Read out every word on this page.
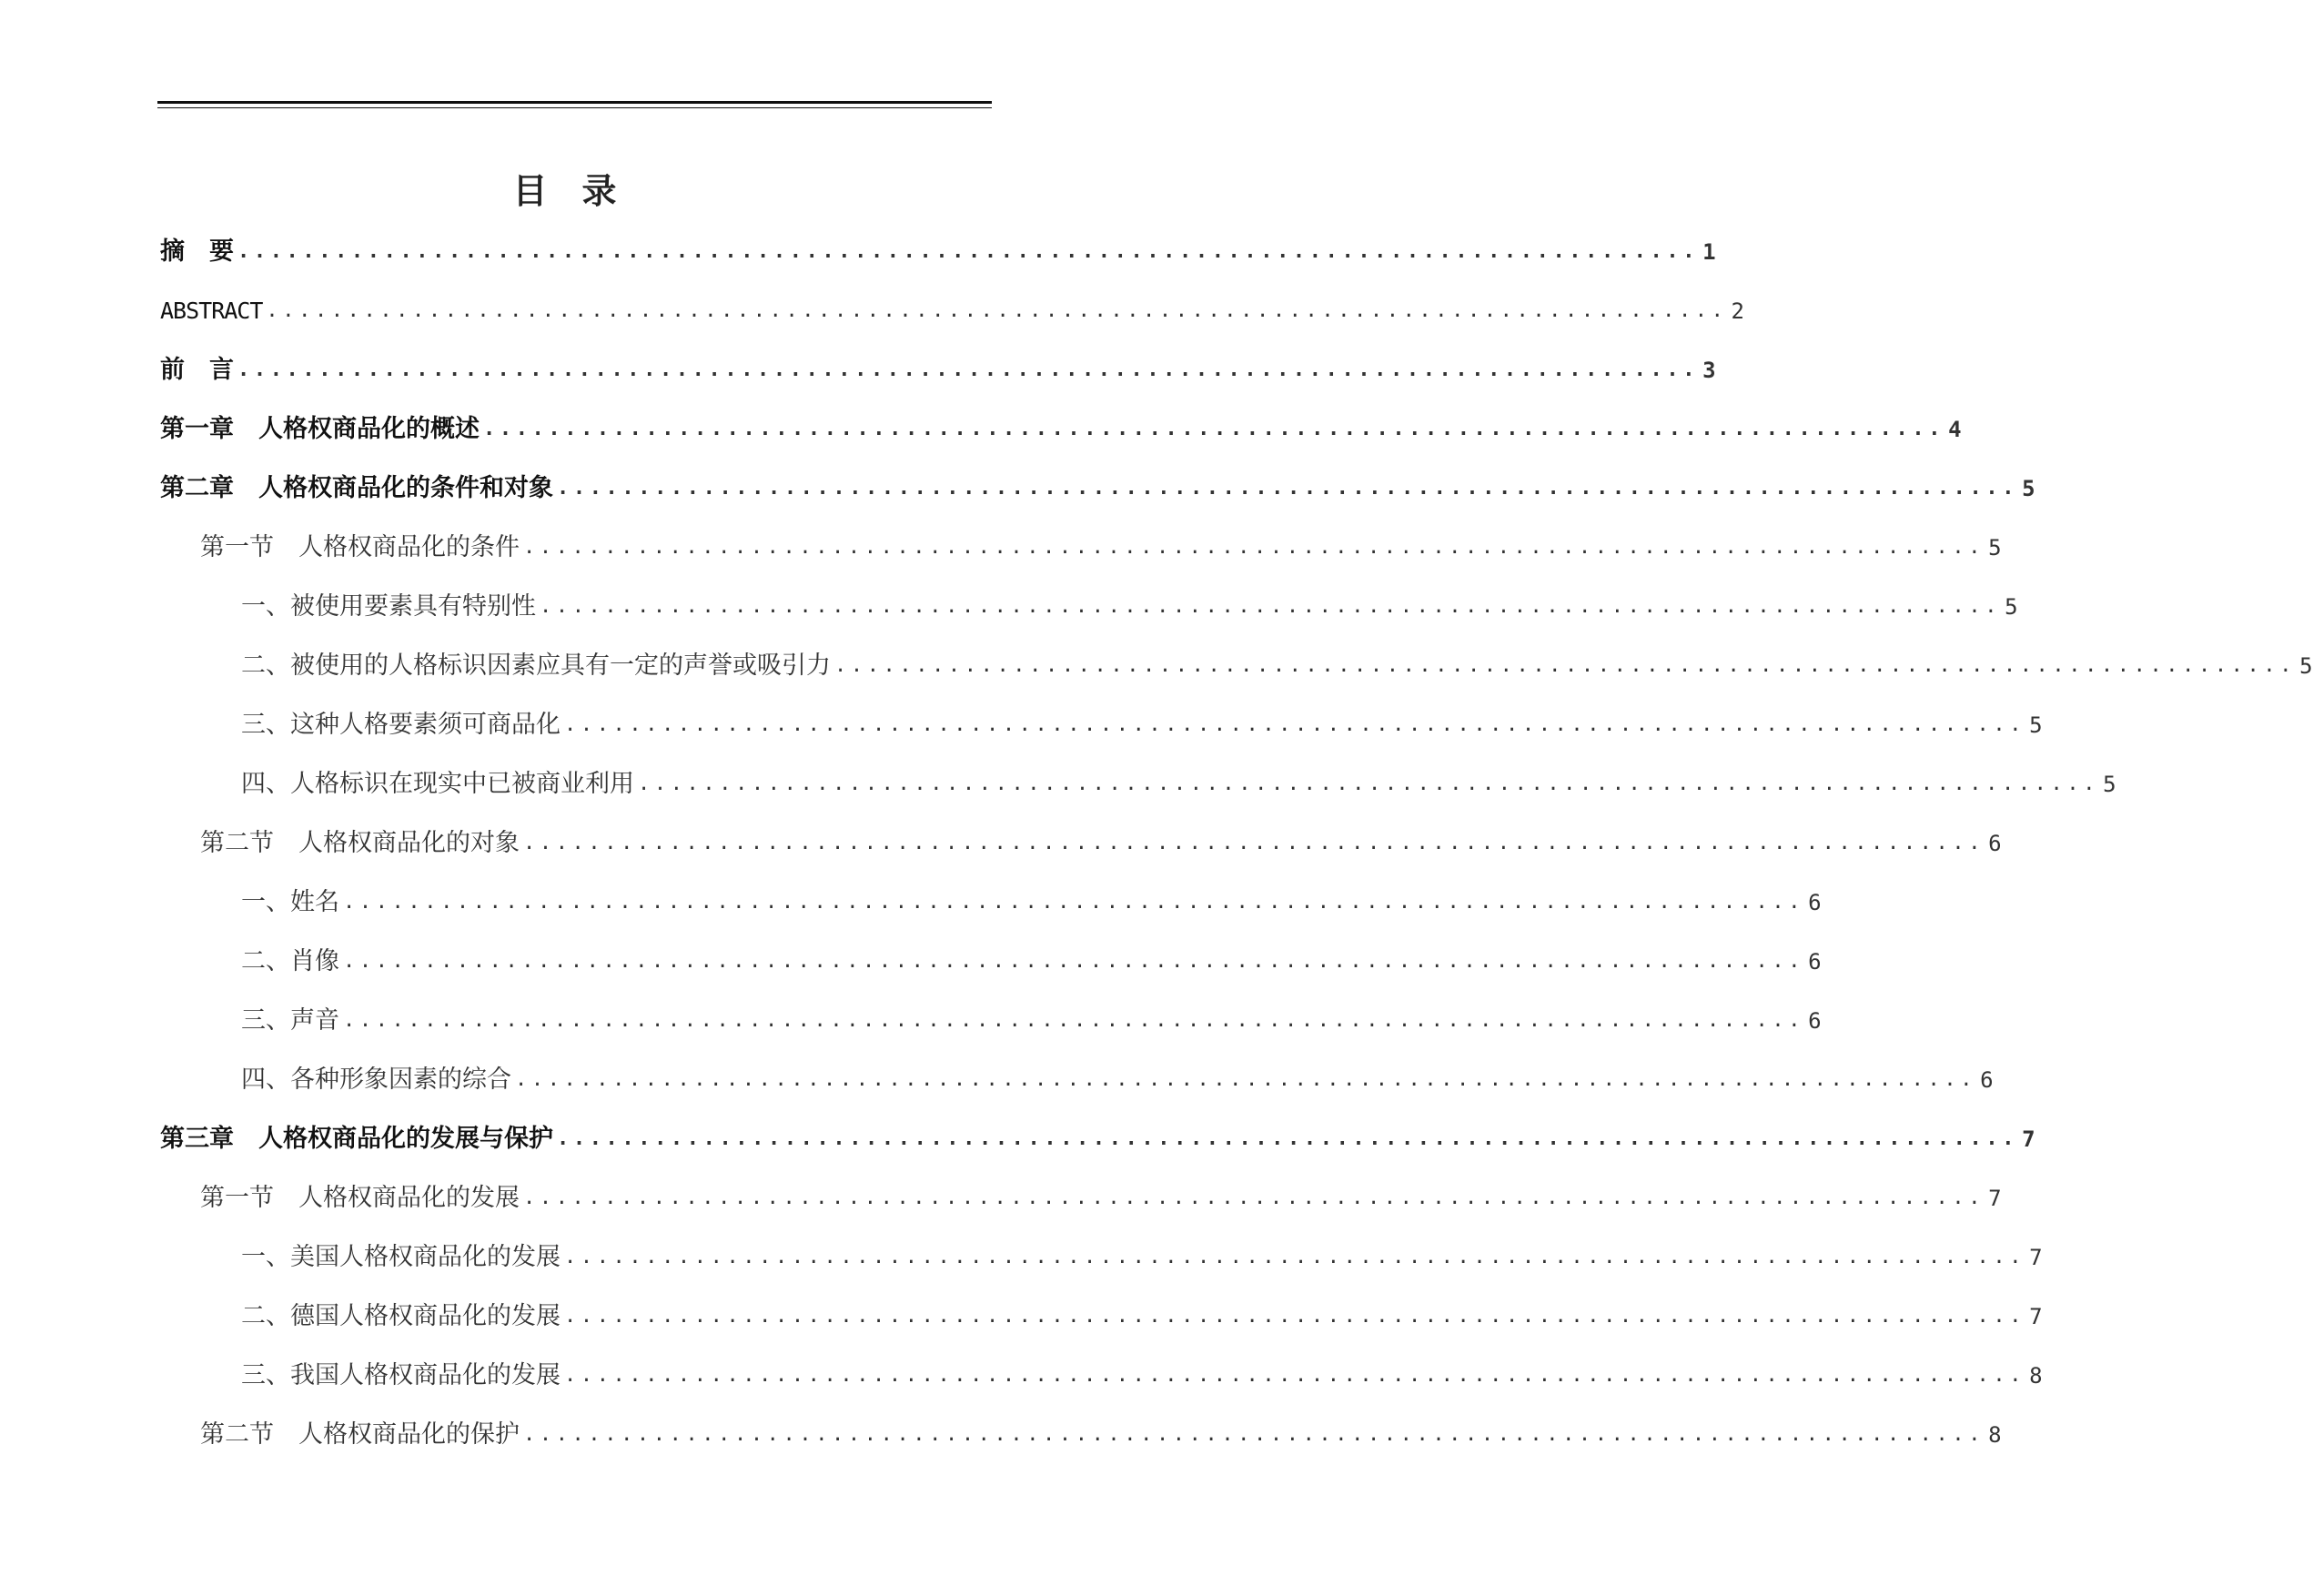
目　录
摘　要 .......................................................................................... 1
ABSTRACT .......................................................................................... 2
前　言 .......................................................................................... 3
第一章　人格权商品化的概述 .......................................................................................... 4
第二章　人格权商品化的条件和对象 .......................................................................................... 5
第一节　人格权商品化的条件 .......................................................................................... 5
一、被使用要素具有特别性 .......................................................................................... 5
二、被使用的人格标识因素应具有一定的声誉或吸引力 .......................................................................................... 5
三、这种人格要素须可商品化 .......................................................................................... 5
四、人格标识在现实中已被商业利用 .......................................................................................... 5
第二节　人格权商品化的对象 .......................................................................................... 6
一、姓名 .......................................................................................... 6
二、肖像 .......................................................................................... 6
三、声音 .......................................................................................... 6
四、各种形象因素的综合 .......................................................................................... 6
第三章　人格权商品化的发展与保护 .......................................................................................... 7
第一节　人格权商品化的发展 .......................................................................................... 7
一、美国人格权商品化的发展 .......................................................................................... 7
二、德国人格权商品化的发展 .......................................................................................... 7
三、我国人格权商品化的发展 .......................................................................................... 8
第二节　人格权商品化的保护 .......................................................................................... 8
